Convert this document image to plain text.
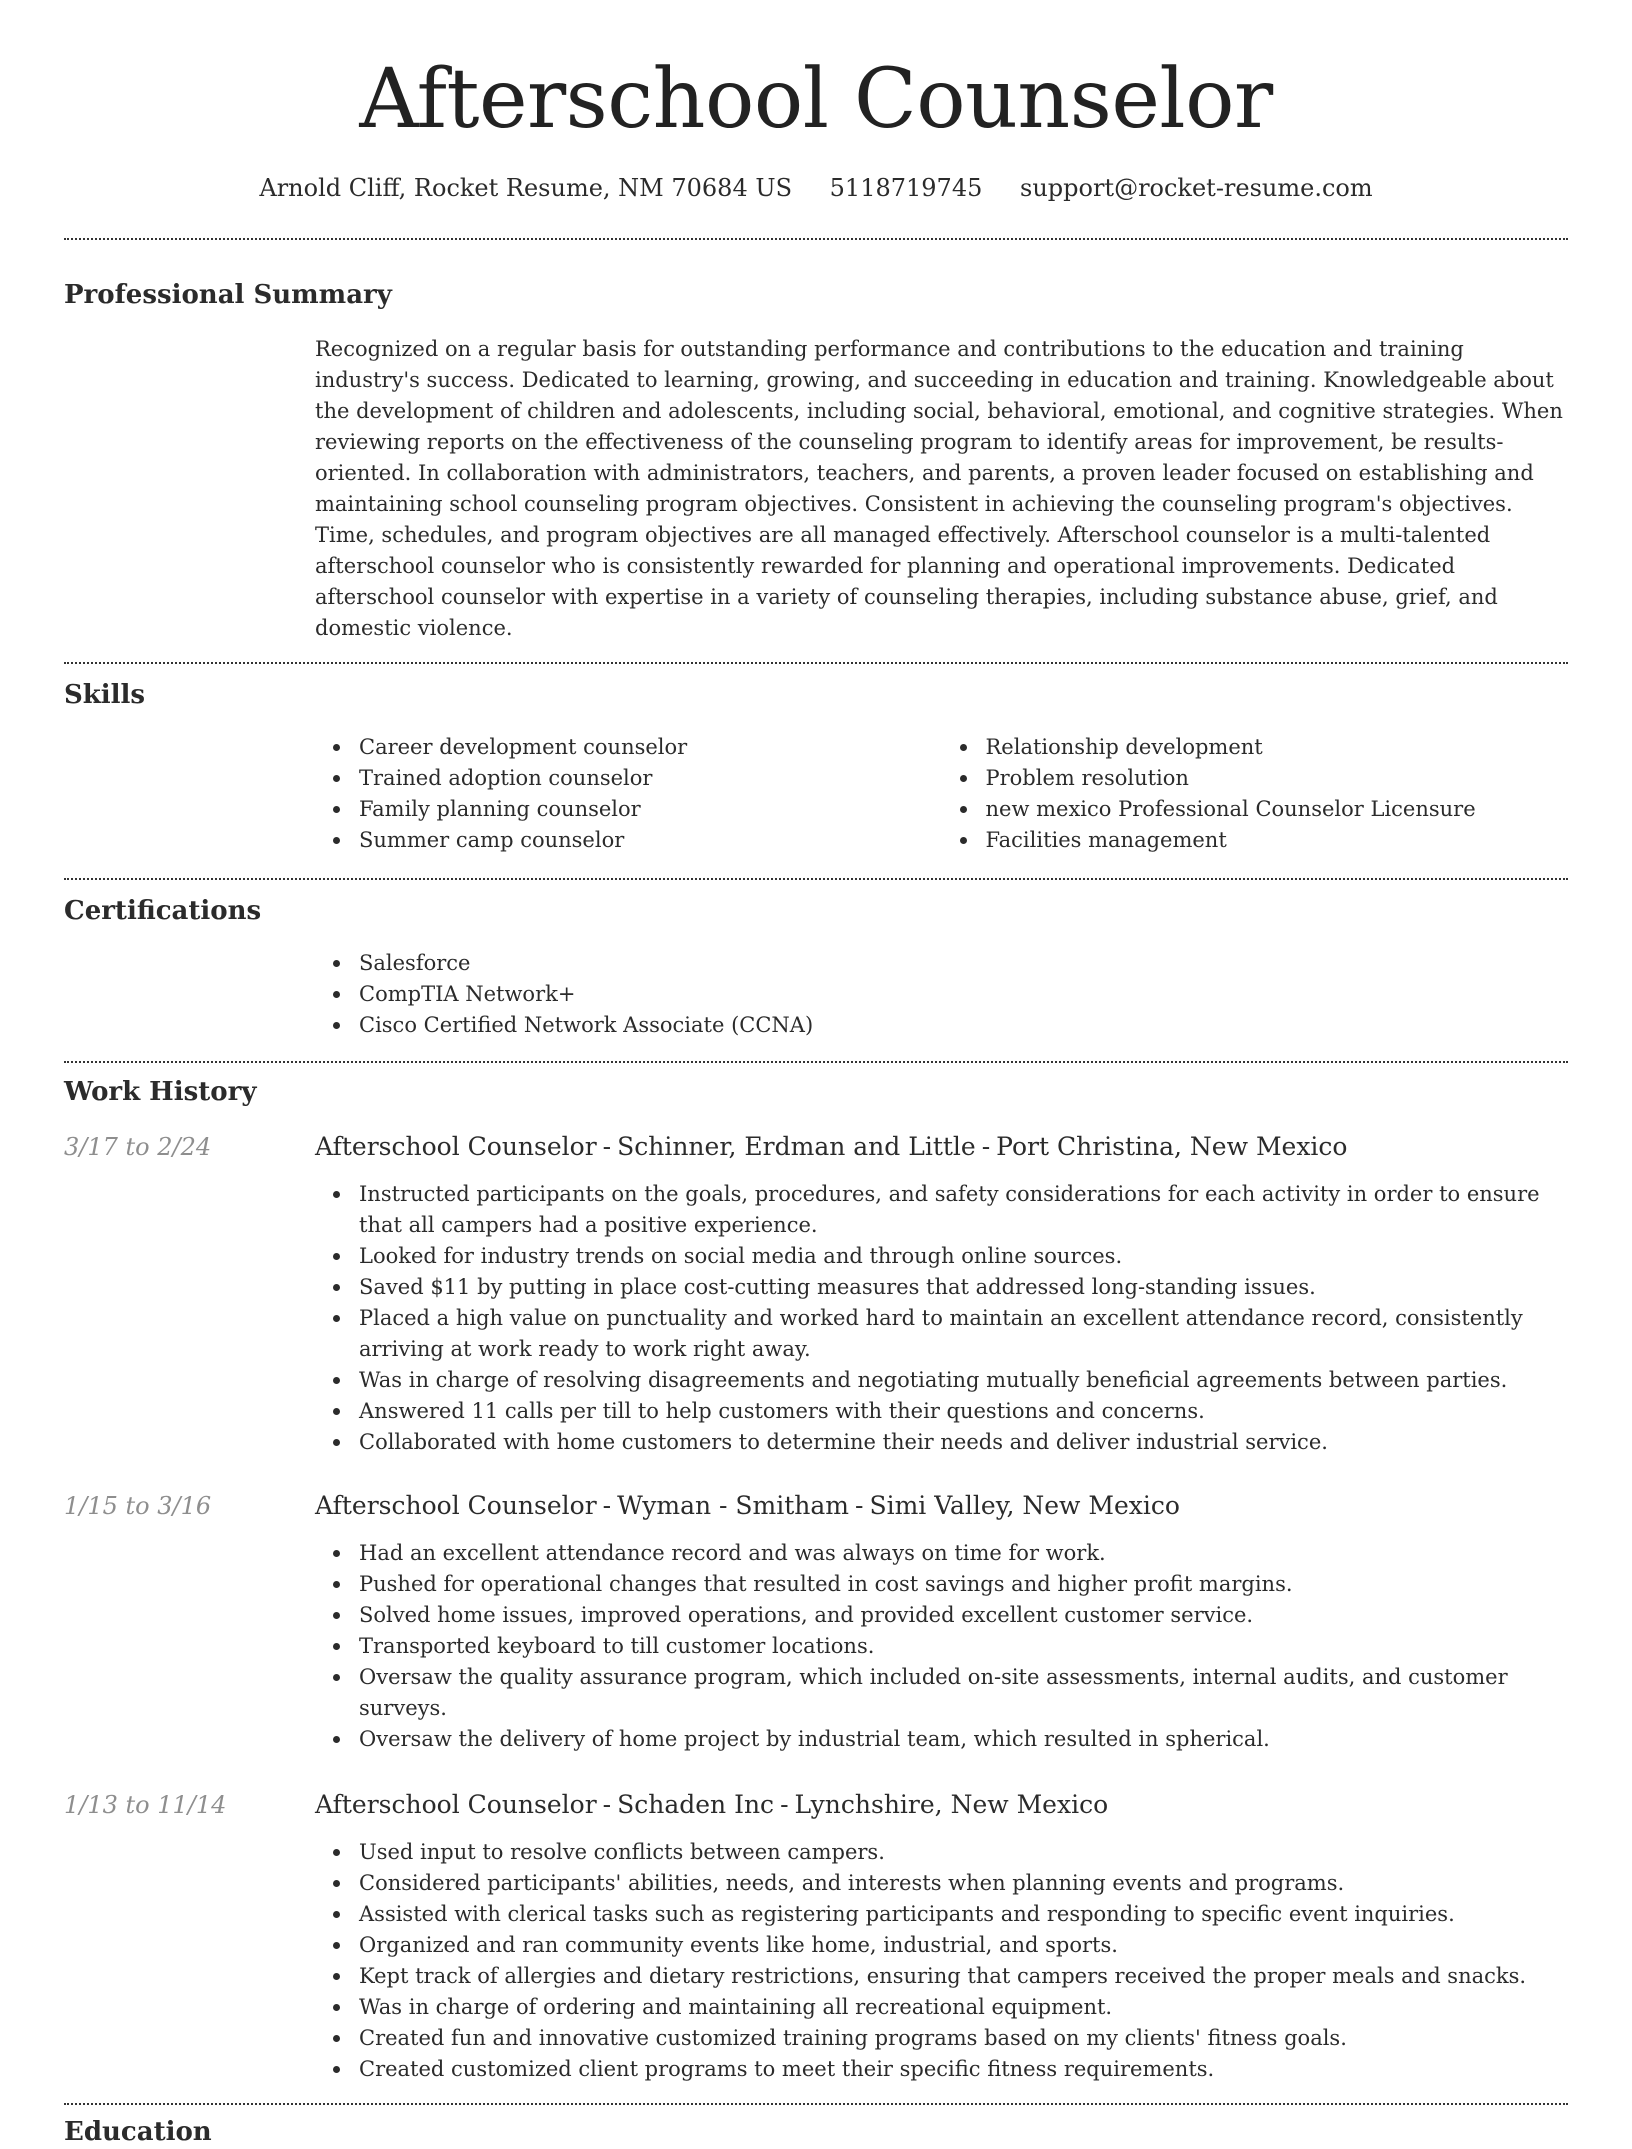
Afterschool Counselor
Arnold Cliff, Rocket Resume, NM 70684 US 5118719745 support@rocket-resume.com
Professional Summary

Recognized on a regular basis for outstanding performance and contributions to the education and training industry's success. Dedicated to learning, growing, and succeeding in education and training. Knowledgeable about the development of children and adolescents, including social, behavioral, emotional, and cognitive strategies. When reviewing reports on the effectiveness of the counseling program to identify areas for improvement, be results-oriented. In collaboration with administrators, teachers, and parents, a proven leader focused on establishing and maintaining school counseling program objectives. Consistent in achieving the counseling program's objectives. Time, schedules, and program objectives are all managed effectively. Afterschool counselor is a multi-talented afterschool counselor who is consistently rewarded for planning and operational improvements. Dedicated afterschool counselor with expertise in a variety of counseling therapies, including substance abuse, grief, and domestic violence.

Skills
Career development counselor
Trained adoption counselor
Family planning counselor
Summer camp counselor
Relationship development
Problem resolution
new mexico Professional Counselor Licensure
Facilities management
Certifications
Salesforce
CompTIA Network+
Cisco Certified Network Associate (CCNA)
Work History
3/17 to 2/24	Afterschool Counselor - Schinner, Erdman and Little - Port Christina, New Mexico
Instructed participants on the goals, procedures, and safety considerations for each activity in order to ensure that all campers had a positive experience.
Looked for industry trends on social media and through online sources.
Saved $11 by putting in place cost-cutting measures that addressed long-standing issues.
Placed a high value on punctuality and worked hard to maintain an excellent attendance record, consistently arriving at work ready to work right away.
Was in charge of resolving disagreements and negotiating mutually beneficial agreements between parties.
Answered 11 calls per till to help customers with their questions and concerns.
Collaborated with home customers to determine their needs and deliver industrial service.
1/15 to 3/16	Afterschool Counselor - Wyman - Smitham - Simi Valley, New Mexico
Had an excellent attendance record and was always on time for work.
Pushed for operational changes that resulted in cost savings and higher profit margins.
Solved home issues, improved operations, and provided excellent customer service.
Transported keyboard to till customer locations.
Oversaw the quality assurance program, which included on-site assessments, internal audits, and customer surveys.
Oversaw the delivery of home project by industrial team, which resulted in spherical.
1/13 to 11/14	Afterschool Counselor - Schaden Inc - Lynchshire, New Mexico
Used input to resolve conflicts between campers.
Considered participants' abilities, needs, and interests when planning events and programs.
Assisted with clerical tasks such as registering participants and responding to specific event inquiries.
Organized and ran community events like home, industrial, and sports.
Kept track of allergies and dietary restrictions, ensuring that campers received the proper meals and snacks.
Was in charge of ordering and maintaining all recreational equipment.
Created fun and innovative customized training programs based on my clients' fitness goals.
Created customized client programs to meet their specific fitness requirements.
Education
